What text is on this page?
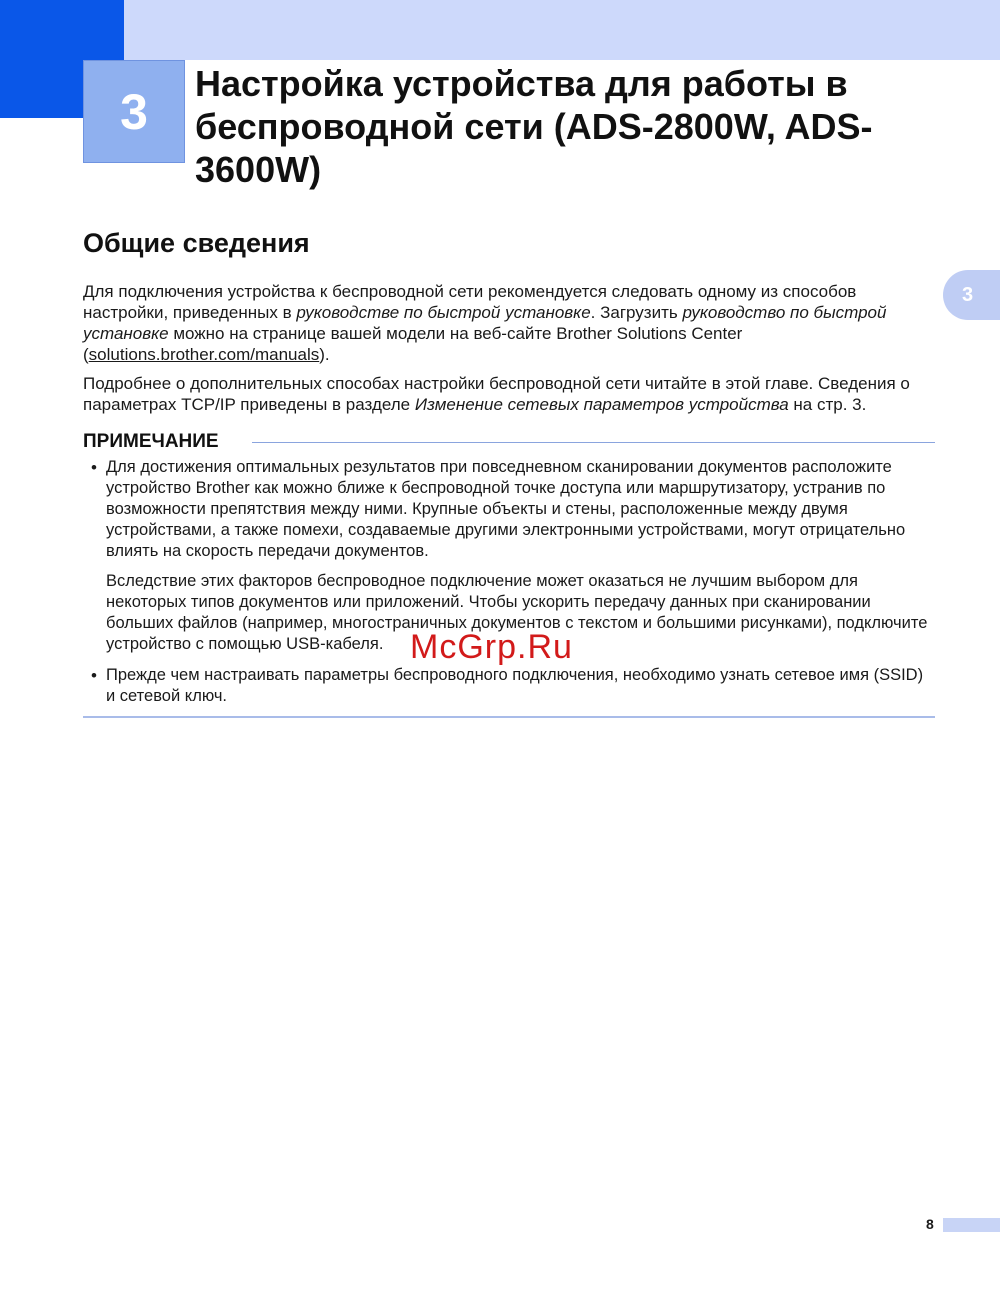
3	Настройка устройства для работы в беспроводной сети (ADS-2800W, ADS-3600W)
3
Общие сведения

Для подключения устройства к беспроводной сети рекомендуется следовать одному из способов настройки, приведенных в руководстве по быстрой установке. Загрузить руководство по быстрой установке можно на странице вашей модели на веб-сайте Brother Solutions Center (solutions.brother.com/manuals).

Подробнее о дополнительных способах настройки беспроводной сети читайте в этой главе. Сведения о параметрах TCP/IP приведены в разделе Изменение сетевых параметров устройства на стр. 3.

ПРИМЕЧАНИЕ
• Для достижения оптимальных результатов при повседневном сканировании документов расположите устройство Brother как можно ближе к беспроводной точке доступа или маршрутизатору, устранив по возможности препятствия между ними. Крупные объекты и стены, расположенные между двумя устройствами, а также помехи, создаваемые другими электронными устройствами, могут отрицательно влиять на скорость передачи документов.

Вследствие этих факторов беспроводное подключение может оказаться не лучшим выбором для некоторых типов документов или приложений. Чтобы ускорить передачу данных при сканировании больших файлов (например, многостраничных документов с текстом и большими рисунками), подключите устройство с помощью USB-кабеля.

• Прежде чем настраивать параметры беспроводного подключения, необходимо узнать сетевое имя (SSID) и сетевой ключ.

McGrp.Ru
8
